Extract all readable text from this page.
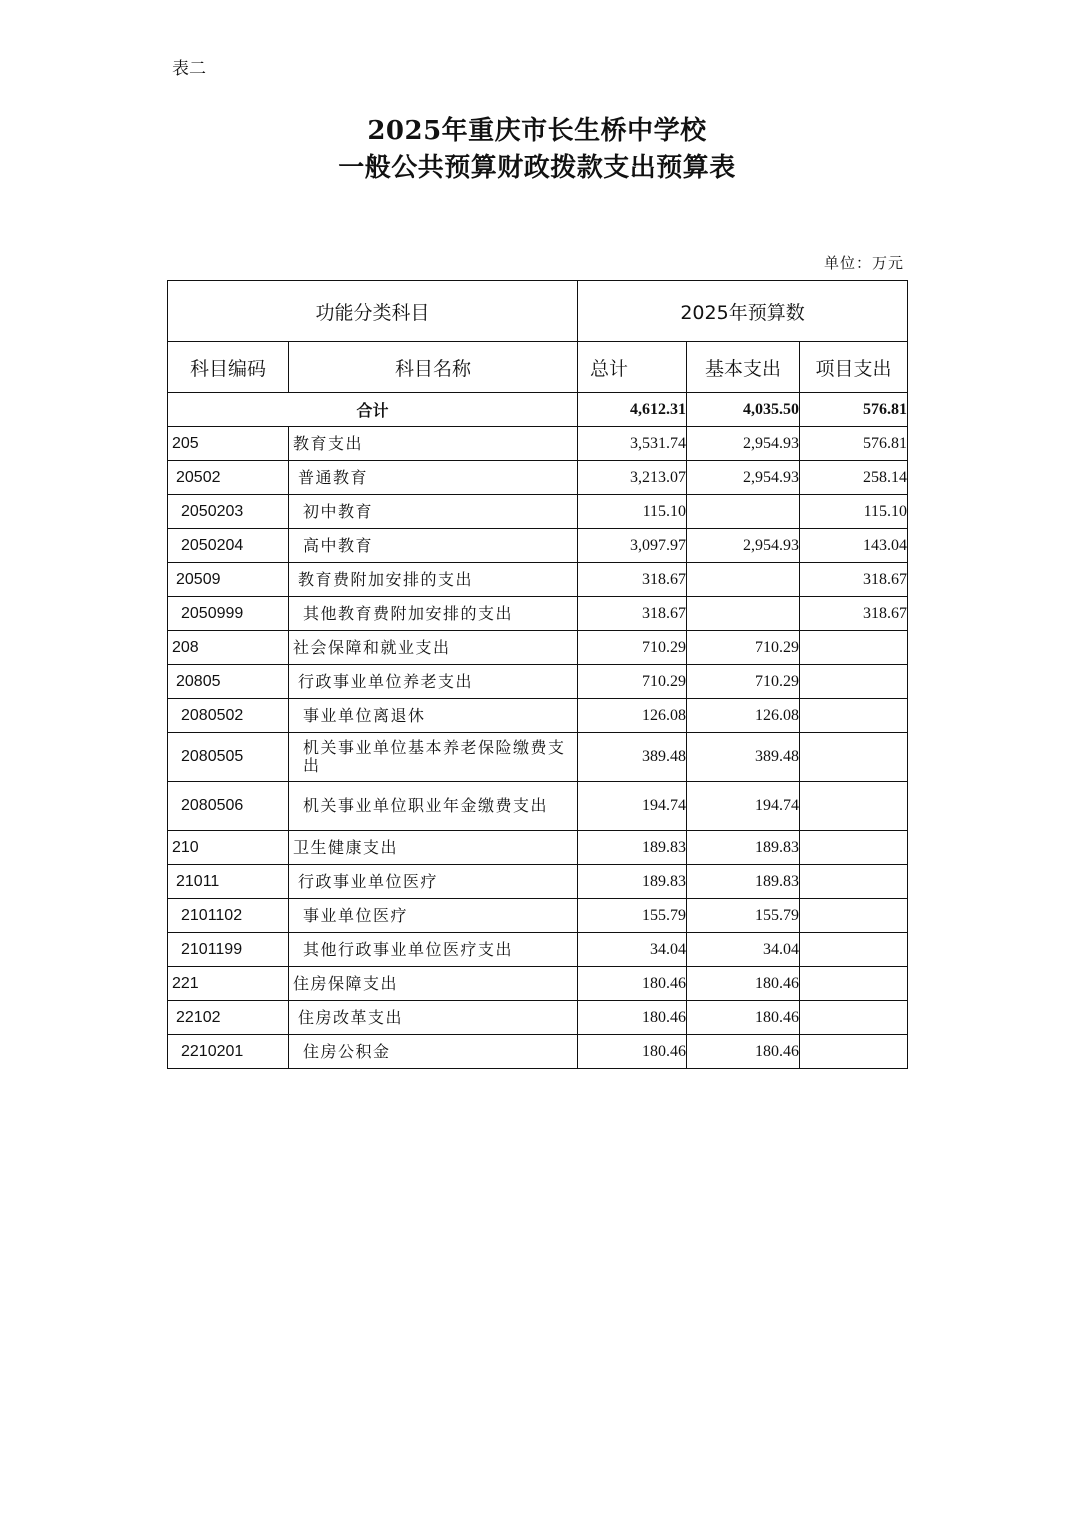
表二
2025年重庆市长生桥中学校
一般公共预算财政拨款支出预算表
单位：万元
功能分类科目		2025年预算数		
科目编码	科目名称	总计	基本支出	项目支出
合计		4,612.31	4,035.50	576.81
205	教育支出	3,531.74	2,954.93	576.81
20502	普通教育	3,213.07	2,954.93	258.14
2050203	初中教育	115.10		115.10
2050204	高中教育	3,097.97	2,954.93	143.04
20509	教育费附加安排的支出	318.67		318.67
2050999	其他教育费附加安排的支出	318.67		318.67
208	社会保障和就业支出	710.29	710.29	
20805	行政事业单位养老支出	710.29	710.29	
2080502	事业单位离退休	126.08	126.08	
2080505	机关事业单位基本养老保险缴费支出	389.48	389.48	
2080506	机关事业单位职业年金缴费支出	194.74	194.74	
210	卫生健康支出	189.83	189.83	
21011	行政事业单位医疗	189.83	189.83	
2101102	事业单位医疗	155.79	155.79	
2101199	其他行政事业单位医疗支出	34.04	34.04	
221	住房保障支出	180.46	180.46	
22102	住房改革支出	180.46	180.46	
2210201	住房公积金	180.46	180.46	
